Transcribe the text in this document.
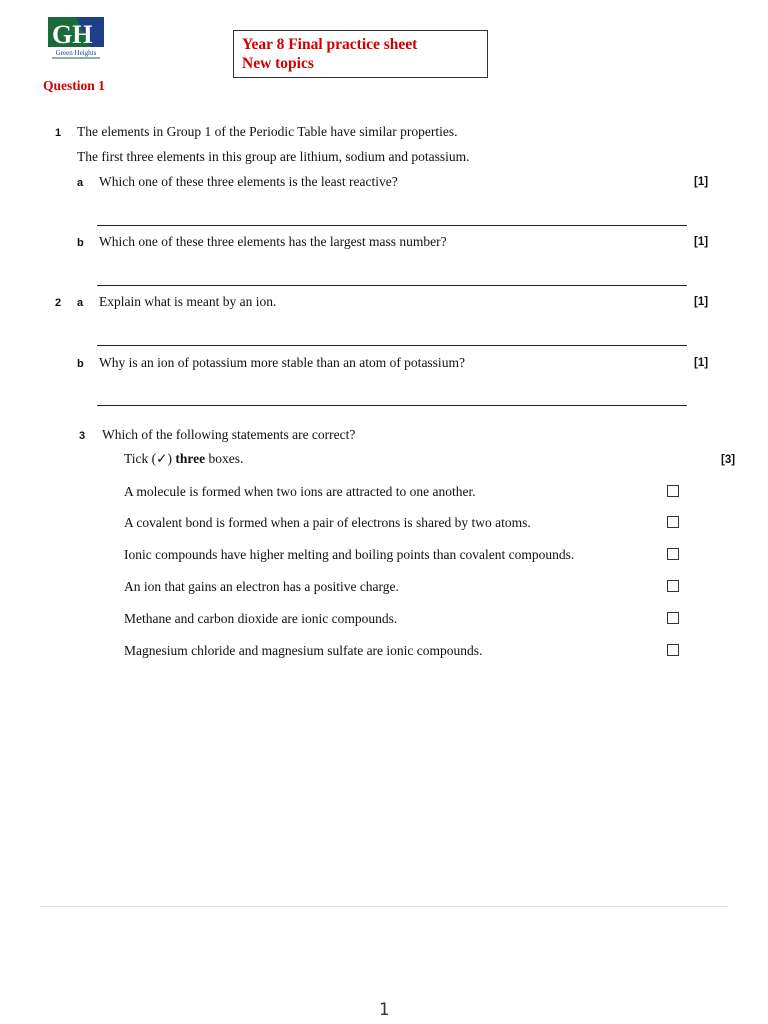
GH
Green Heights	Year 8 Final practice sheet
New topics
Question 1
1 The elements in Group 1 of the Periodic Table have similar properties.
The first three elements in this group are lithium, sodium and potassium.
a Which one of these three elements is the least reactive?	[1]
b Which one of these three elements has the largest mass number?	[1]
2 a Explain what is meant by an ion.	[1]
b Why is an ion of potassium more stable than an atom of potassium?	[1]
3 Which of the following statements are correct?
Tick (✓) three boxes.	[3]
A molecule is formed when two ions are attracted to one another.
A covalent bond is formed when a pair of electrons is shared by two atoms.
Ionic compounds have higher melting and boiling points than covalent compounds.
An ion that gains an electron has a positive charge.
Methane and carbon dioxide are ionic compounds.
Magnesium chloride and magnesium sulfate are ionic compounds.
1
